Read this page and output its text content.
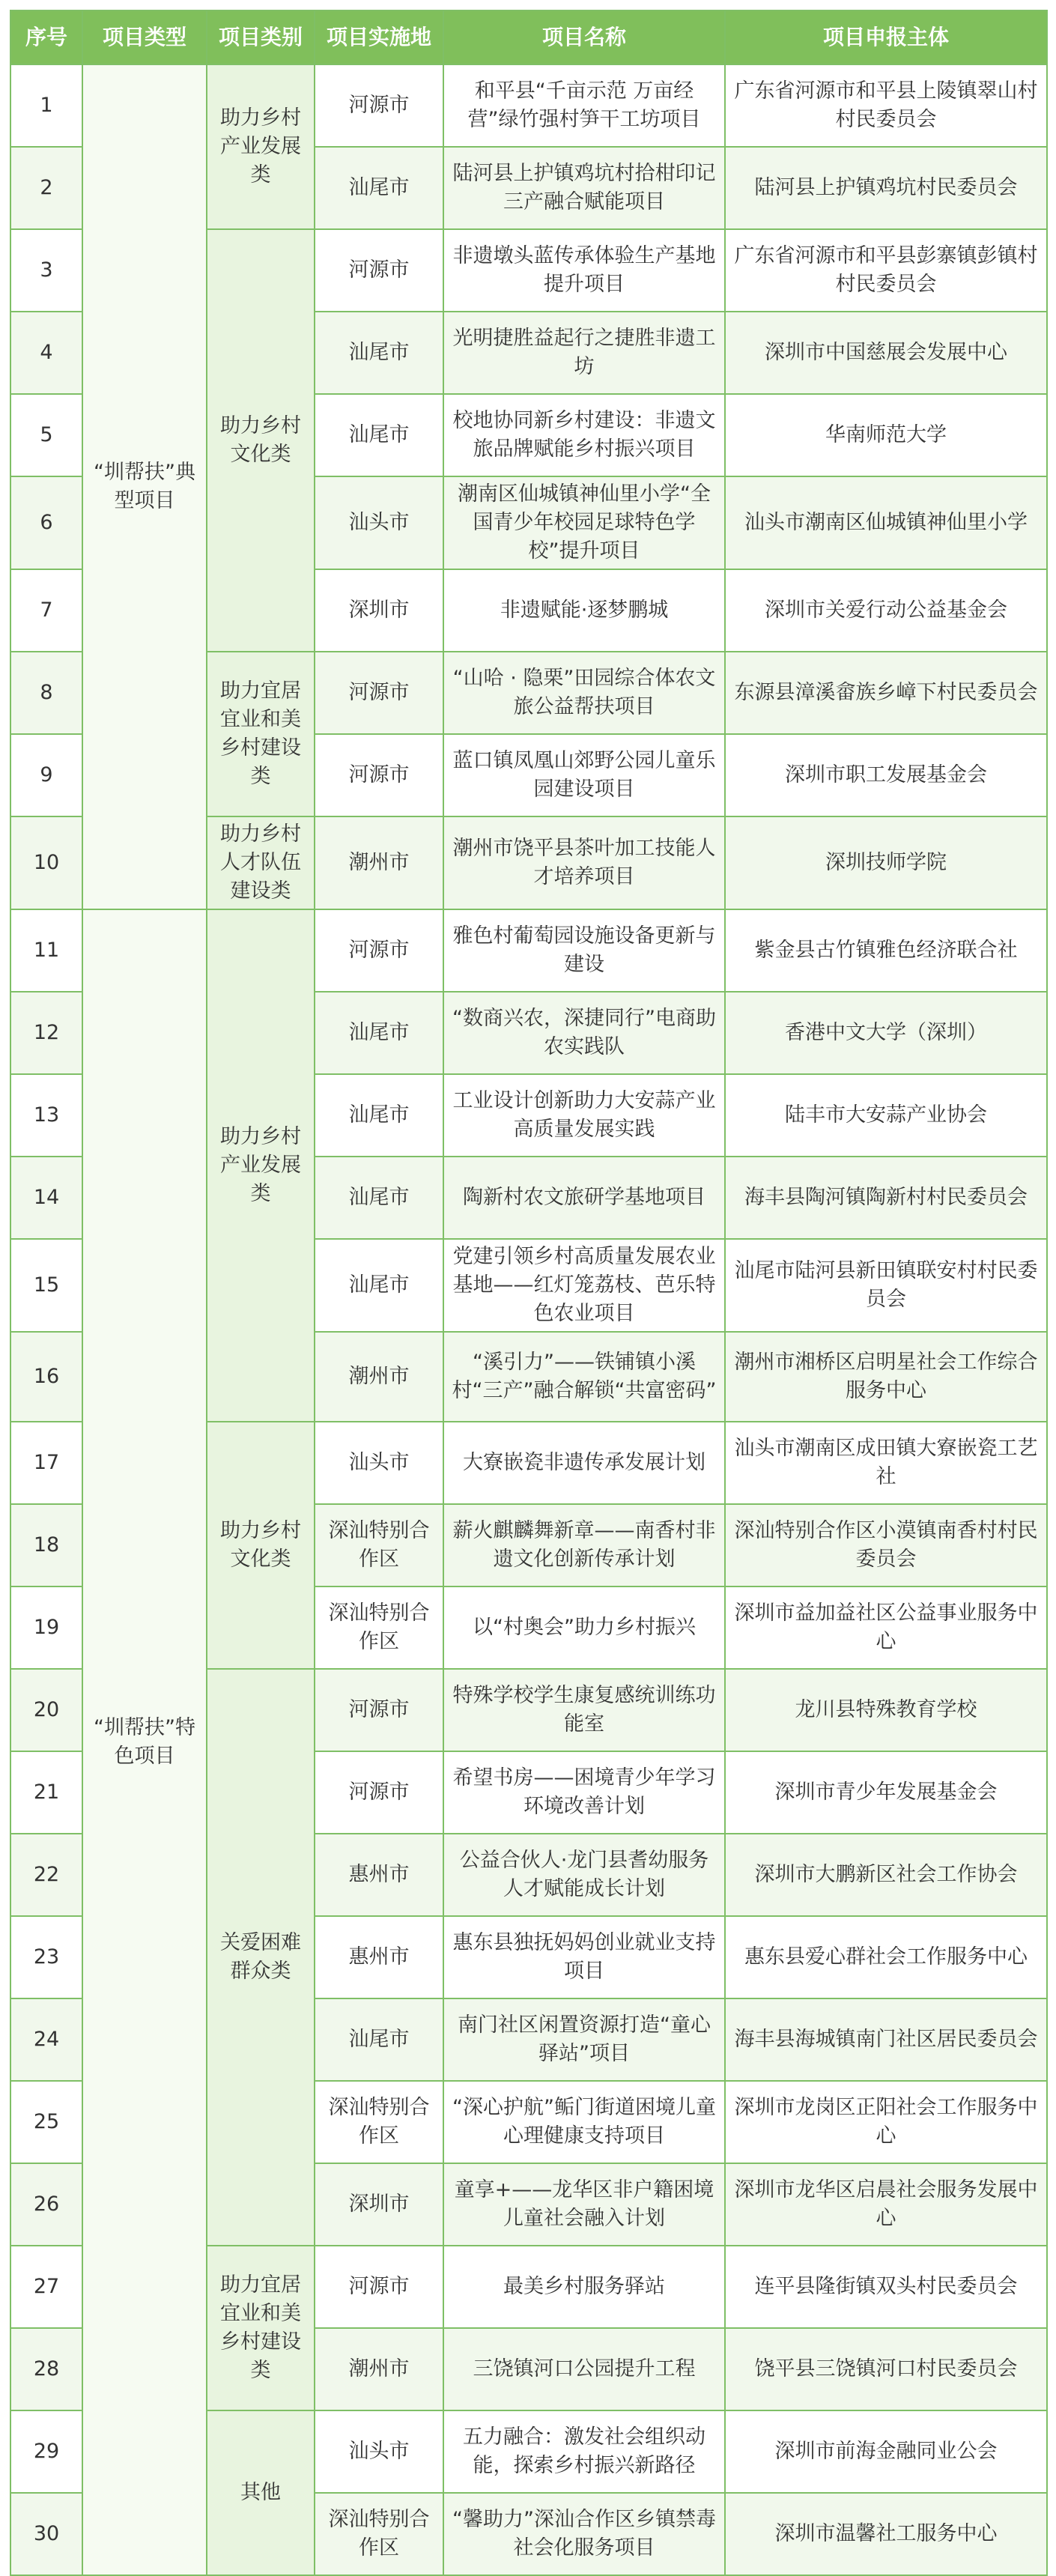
序号	项目类型	项目类别	项目实施地	项目名称	项目申报主体
1	“圳帮扶”典型项目	助力乡村产业发展类	河源市	和平县“千亩示范 万亩经营”绿竹强村笋干工坊项目	广东省河源市和平县上陵镇翠山村村民委员会
2			汕尾市	陆河县上护镇鸡坑村拾柑印记三产融合赋能项目	陆河县上护镇鸡坑村民委员会
3		助力乡村文化类	河源市	非遗墩头蓝传承体验生产基地提升项目	广东省河源市和平县彭寨镇彭镇村村民委员会
4			汕尾市	光明捷胜益起行之捷胜非遗工坊	深圳市中国慈展会发展中心
5			汕尾市	校地协同新乡村建设：非遗文旅品牌赋能乡村振兴项目	华南师范大学
6			汕头市	潮南区仙城镇神仙里小学“全国青少年校园足球特色学校”提升项目	汕头市潮南区仙城镇神仙里小学
7			深圳市	非遗赋能·逐梦鹏城	深圳市关爱行动公益基金会
8		助力宜居宜业和美乡村建设类	河源市	“山哈 · 隐栗”田园综合体农文旅公益帮扶项目	东源县漳溪畲族乡嶂下村民委员会
9			河源市	蓝口镇凤凰山郊野公园儿童乐园建设项目	深圳市职工发展基金会
10		助力乡村人才队伍建设类	潮州市	潮州市饶平县茶叶加工技能人才培养项目	深圳技师学院
11	“圳帮扶”特色项目	助力乡村产业发展类	河源市	雅色村葡萄园设施设备更新与建设	紫金县古竹镇雅色经济联合社
12			汕尾市	“数商兴农，深捷同行”电商助农实践队	香港中文大学（深圳）
13			汕尾市	工业设计创新助力大安蒜产业高质量发展实践	陆丰市大安蒜产业协会
14			汕尾市	陶新村农文旅研学基地项目	海丰县陶河镇陶新村村民委员会
15			汕尾市	党建引领乡村高质量发展农业基地——红灯笼荔枝、芭乐特色农业项目	汕尾市陆河县新田镇联安村村民委员会
16			潮州市	“溪引力”——铁铺镇小溪村“三产”融合解锁“共富密码”	潮州市湘桥区启明星社会工作综合服务中心
17		助力乡村文化类	汕头市	大寮嵌瓷非遗传承发展计划	汕头市潮南区成田镇大寮嵌瓷工艺社
18			深汕特别合作区	薪火麒麟舞新章——南香村非遗文化创新传承计划	深汕特别合作区小漠镇南香村村民委员会
19			深汕特别合作区	以“村奥会”助力乡村振兴	深圳市益加益社区公益事业服务中心
20		关爱困难群众类	河源市	特殊学校学生康复感统训练功能室	龙川县特殊教育学校
21			河源市	希望书房——困境青少年学习环境改善计划	深圳市青少年发展基金会
22			惠州市	公益合伙人·龙门县耆幼服务人才赋能成长计划	深圳市大鹏新区社会工作协会
23			惠州市	惠东县独抚妈妈创业就业支持项目	惠东县爱心群社会工作服务中心
24			汕尾市	南门社区闲置资源打造“童心驿站”项目	海丰县海城镇南门社区居民委员会
25			深汕特别合作区	“深心护航”鲘门街道困境儿童心理健康支持项目	深圳市龙岗区正阳社会工作服务中心
26			深圳市	童享+——龙华区非户籍困境儿童社会融入计划	深圳市龙华区启晨社会服务发展中心
27		助力宜居宜业和美乡村建设类	河源市	最美乡村服务驿站	连平县隆街镇双头村民委员会
28			潮州市	三饶镇河口公园提升工程	饶平县三饶镇河口村民委员会
29		其他	汕头市	五力融合：激发社会组织动能，探索乡村振兴新路径	深圳市前海金融同业公会
30			深汕特别合作区	“馨助力”深汕合作区乡镇禁毒社会化服务项目	深圳市温馨社工服务中心
